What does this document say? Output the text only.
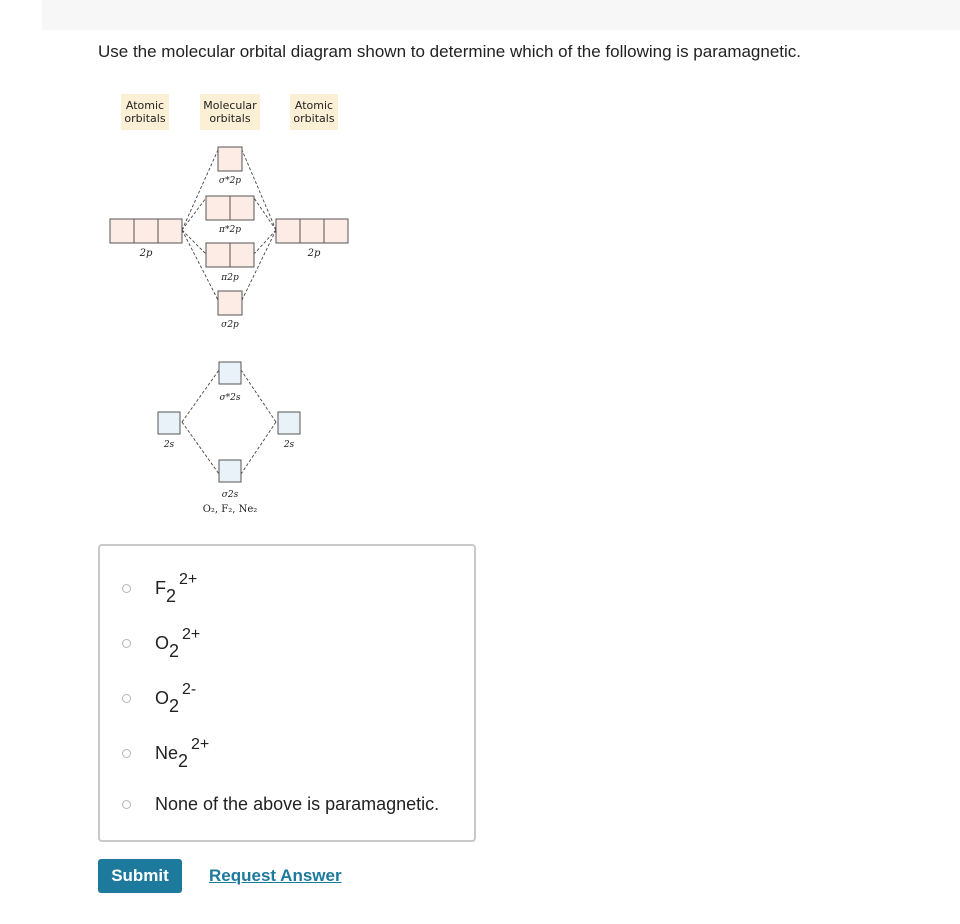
Use the molecular orbital diagram shown to determine which of the following is paramagnetic.
Atomic
orbitals
Molecular
orbitals
Atomic
orbitals
2p	2p
σ*2p
π*2p
π2p
σ2p
σ*2s
2s	2s
σ2s
O₂, F₂, Ne₂
F22+
O22+
O22-
Ne22+
None of the above is paramagnetic.
Submit	Request Answer
